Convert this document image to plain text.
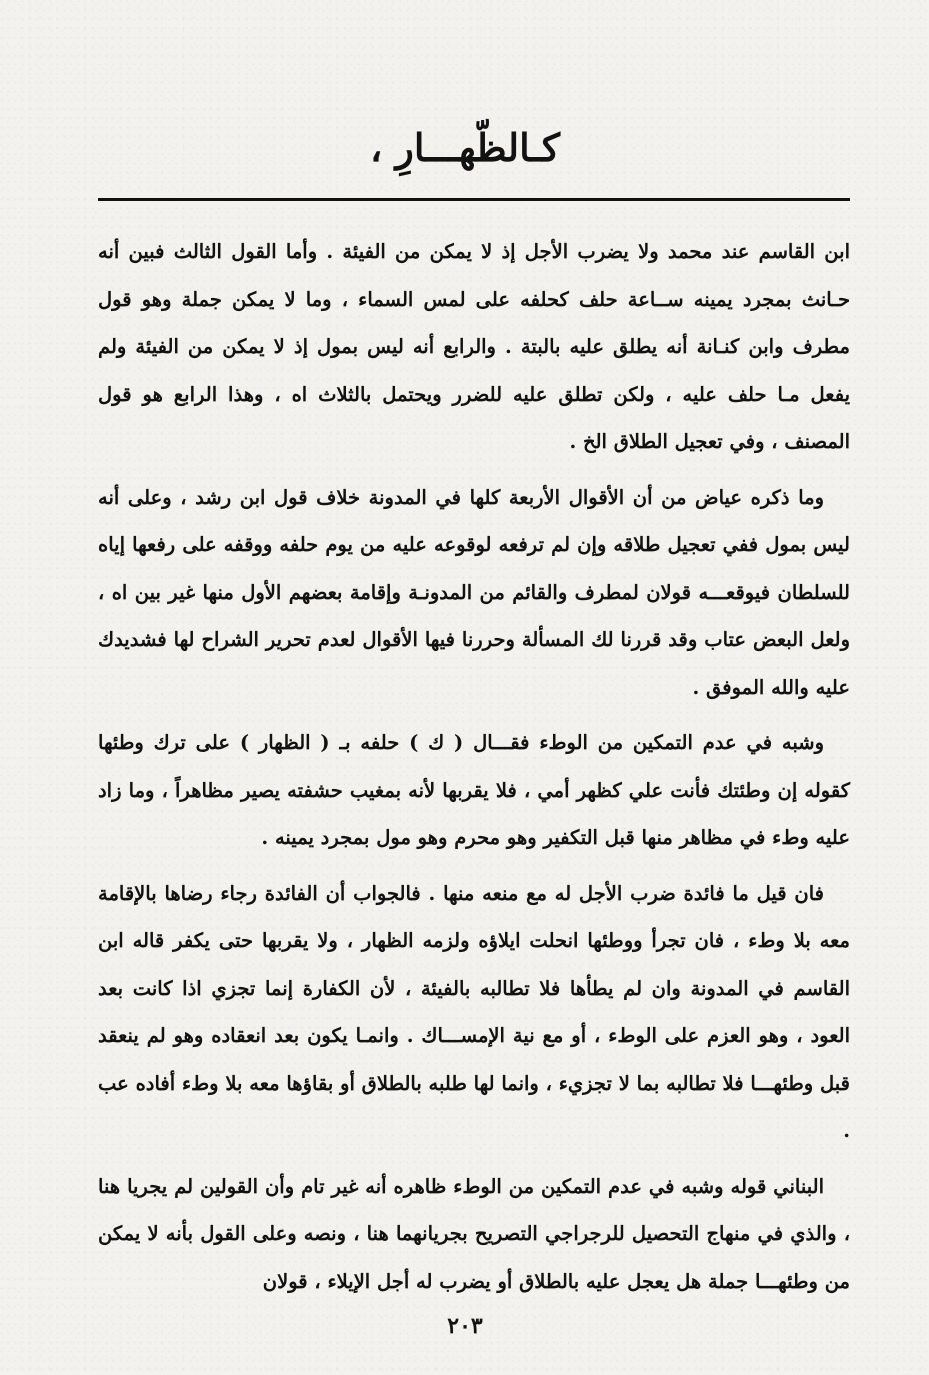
كـالظّهـــارِ ،

ابن القاسم عند محمد ولا يضرب الأجل إذ لا يمكن من الفيئة . وأما القول الثالث فبين أنه حـانث بمجرد يمينه ســاعة حلف كحلفه على لمس السماء ، وما لا يمكن جملة وهو قول مطرف وابن كنـانة أنه يطلق عليه بالبتة . والرابع أنه ليس بمول إذ لا يمكن من الفيئة ولم يفعل مـا حلف عليه ، ولكن تطلق عليه للضرر ويحتمل بالثلاث اه ، وهذا الرابع هو قول المصنف ، وفي تعجيل الطلاق الخ .

وما ذكره عياض من أن الأقوال الأربعة كلها في المدونة خلاف قول ابن رشد ، وعلى أنه ليس بمول ففي تعجيل طلاقه وإن لم ترفعه لوقوعه عليه من يوم حلفه ووقفه على رفعها إياه للسلطان فيوقعـــه قولان لمطرف والقائم من المدونـة وإقامة بعضهم الأول منها غير بين اه ، ولعل البعض عتاب وقد قررنا لك المسألة وحررنا فيها الأقوال لعدم تحرير الشراح لها فشديدك عليه والله الموفق .

وشبه في عدم التمكين من الوطء فقـــال ( ك ) حلفه بـ ( الظهار ) على ترك وطئها كقوله إن وطئتك فأنت علي كظهر أمي ، فلا يقربها لأنه بمغيب حشفته يصير مظاهراً ، وما زاد عليه وطء في مظاهر منها قبل التكفير وهو محرم وهو مول بمجرد يمينه .

فان قيل ما فائدة ضرب الأجل له مع منعه منها . فالجواب أن الفائدة رجاء رضاها بالإقامة معه بلا وطء ، فان تجرأ ووطئها انحلت ايلاؤه ولزمه الظهار ، ولا يقربها حتى يكفر قاله ابن القاسم في المدونة وان لم يطأها فلا تطالبه بالفيئة ، لأن الكفارة إنما تجزي اذا كانت بعد العود ، وهو العزم على الوطء ، أو مع نية الإمســـاك . وانمـا يكون بعد انعقاده وهو لم ينعقد قبل وطئهـــا فلا تطالبه بما لا تجزيء ، وانما لها طلبه بالطلاق أو بقاؤها معه بلا وطء أفاده عب .

البناني قوله وشبه في عدم التمكين من الوطء ظاهره أنه غير تام وأن القولين لم يجريا هنا ، والذي في منهاج التحصيل للرجراجي التصريح بجريانهما هنا ، ونصه وعلى القول بأنه لا يمكن من وطئهـــا جملة هل يعجل عليه بالطلاق أو يضرب له أجل الإيلاء ، قولان

٢٠٣
